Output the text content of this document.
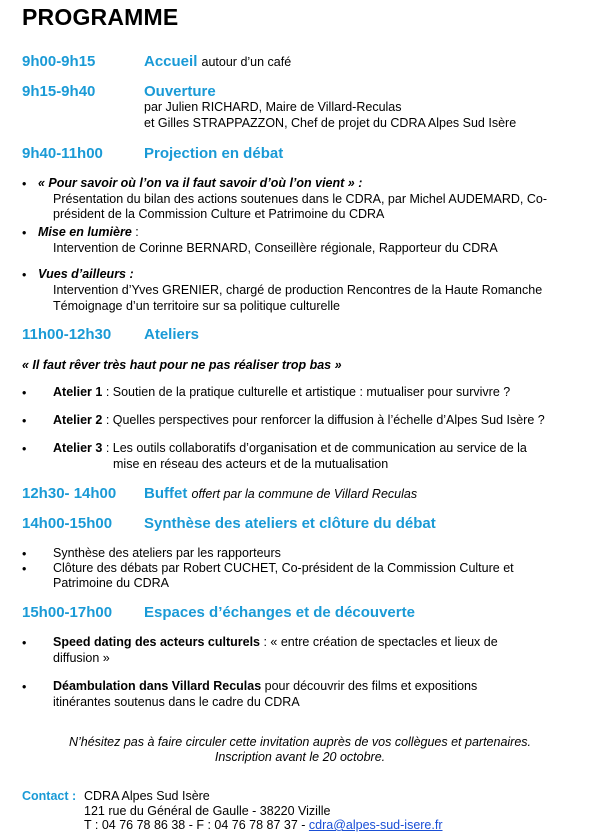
PROGRAMME
9h00-9h15	Accueil autour d’un café
9h15-9h40	Ouverture
par Julien RICHARD, Maire de Villard-Reculas
et Gilles STRAPPAZZON, Chef de projet du CDRA Alpes Sud Isère
9h40-11h00	Projection en débat
• « Pour savoir où l’on va il faut savoir d’où l’on vient » :
Présentation du bilan des actions soutenues dans le CDRA, par Michel AUDEMARD, Co-
président de la Commission Culture et Patrimoine du CDRA
• Mise en lumière :
Intervention de Corinne BERNARD, Conseillère régionale, Rapporteur du CDRA
• Vues d’ailleurs :
Intervention d’Yves GRENIER, chargé de production Rencontres de la Haute Romanche
Témoignage d’un territoire sur sa politique culturelle
11h00-12h30 Ateliers
« Il faut rêver très haut pour ne pas réaliser trop bas »
• Atelier 1 : Soutien de la pratique culturelle et artistique : mutualiser pour survivre ?
• Atelier 2 : Quelles perspectives pour renforcer la diffusion à l’échelle d’Alpes Sud Isère ?
• Atelier 3 : Les outils collaboratifs d’organisation et de communication au service de la
mise en réseau des acteurs et de la mutualisation
12h30- 14h00 Buffet offert par la commune de Villard Reculas
14h00-15h00 Synthèse des ateliers et clôture du débat
• Synthèse des ateliers par les rapporteurs
• Clôture des débats par Robert CUCHET, Co-président de la Commission Culture et
Patrimoine du CDRA
15h00-17h00 Espaces d’échanges et de découverte
• Speed dating des acteurs culturels : « entre création de spectacles et lieux de
diffusion »
• Déambulation dans Villard Reculas pour découvrir des films et expositions
itinérantes soutenus dans le cadre du CDRA
N’hésitez pas à faire circuler cette invitation auprès de vos collègues et partenaires.
Inscription avant le 20 octobre.
Contact : CDRA Alpes Sud Isère
121 rue du Général de Gaulle - 38220 Vizille
T : 04 76 78 86 38 - F : 04 76 78 87 37 - cdra@alpes-sud-isere.fr
